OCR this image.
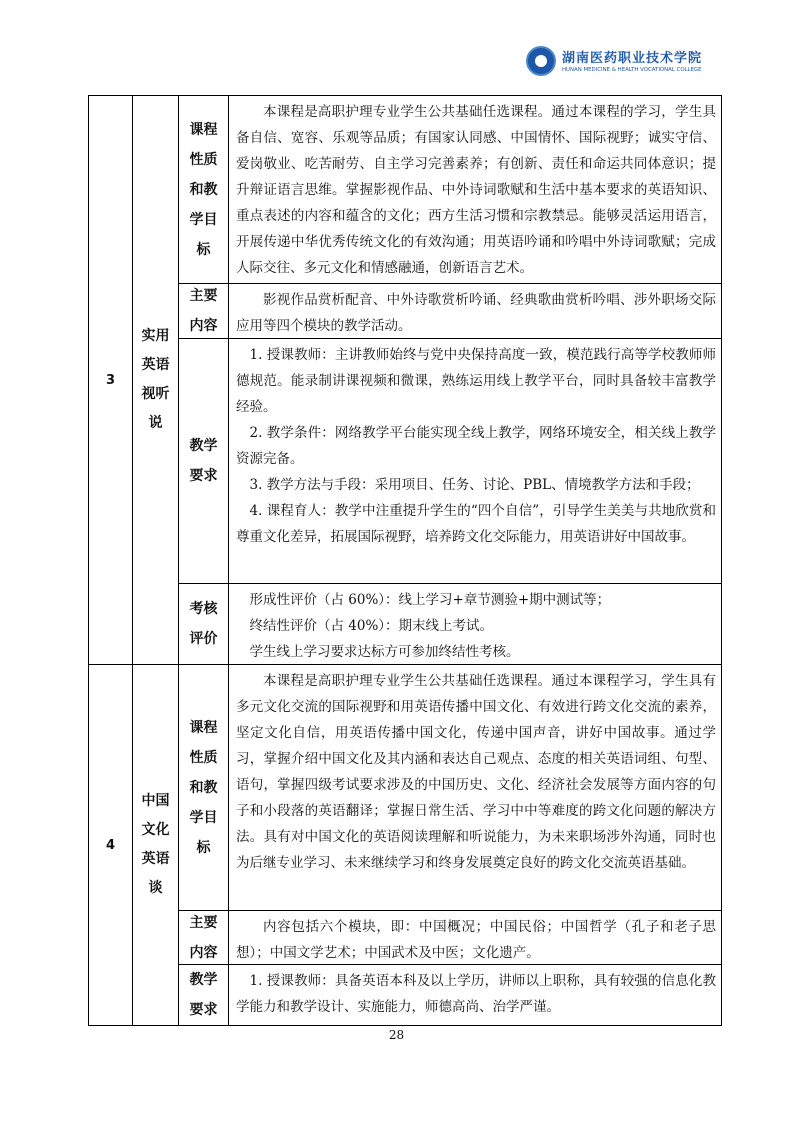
湖南医药职业技术学院
HUNAN MEDICINE & HEALTH VOCATIONAL COLLEGE
3
实用英语视听说
课程性质和教学目标

本课程是高职护理专业学生公共基础任选课程。通过本课程的学习，学生具备自信、宽容、乐观等品质；有国家认同感、中国情怀、国际视野；诚实守信、爱岗敬业、吃苦耐劳、自主学习完善素养；有创新、责任和命运共同体意识；提升辩证语言思维。掌握影视作品、中外诗词歌赋和生活中基本要求的英语知识、重点表述的内容和蕴含的文化；西方生活习惯和宗教禁忌。能够灵活运用语言，开展传递中华优秀传统文化的有效沟通；用英语吟诵和吟唱中外诗词歌赋；完成人际交往、多元文化和情感融通，创新语言艺术。

主要内容

影视作品赏析配音、中外诗歌赏析吟诵、经典歌曲赏析吟唱、涉外职场交际应用等四个模块的教学活动。

教学要求

1. 授课教师：主讲教师始终与党中央保持高度一致，模范践行高等学校教师师德规范。能录制讲课视频和微课，熟练运用线上教学平台，同时具备较丰富教学经验。

2. 教学条件：网络教学平台能实现全线上教学，网络环境安全，相关线上教学资源完备。

3. 教学方法与手段：采用项目、任务、讨论、PBL、情境教学方法和手段；

4. 课程育人：教学中注重提升学生的“四个自信”，引导学生美美与共地欣赏和尊重文化差异，拓展国际视野，培养跨文化交际能力，用英语讲好中国故事。

考核评价

形成性评价（占 60%）：线上学习+章节测验+期中测试等；

终结性评价（占 40%）：期末线上考试。

学生线上学习要求达标方可参加终结性考核。

4
中国文化英语谈
课程性质和教学目标

本课程是高职护理专业学生公共基础任选课程。通过本课程学习，学生具有多元文化交流的国际视野和用英语传播中国文化、有效进行跨文化交流的素养，坚定文化自信，用英语传播中国文化，传递中国声音，讲好中国故事。通过学习，掌握介绍中国文化及其内涵和表达自己观点、态度的相关英语词组、句型、语句，掌握四级考试要求涉及的中国历史、文化、经济社会发展等方面内容的句子和小段落的英语翻译；掌握日常生活、学习中中等难度的跨文化问题的解决方法。具有对中国文化的英语阅读理解和听说能力，为未来职场涉外沟通，同时也为后继专业学习、未来继续学习和终身发展奠定良好的跨文化交流英语基础。

主要内容

内容包括六个模块，即：中国概况；中国民俗；中国哲学（孔子和老子思想）；中国文学艺术；中国武术及中医；文化遗产。

教学要求

1. 授课教师：具备英语本科及以上学历，讲师以上职称，具有较强的信息化教学能力和教学设计、实施能力，师德高尚、治学严谨。

28
